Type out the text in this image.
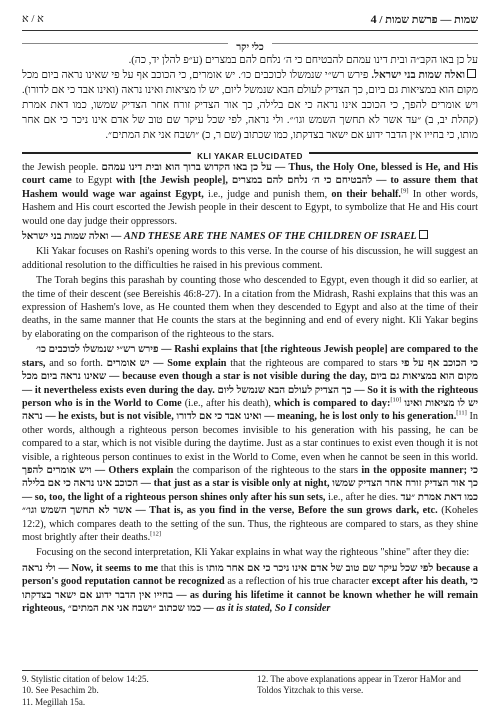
א / א	שמות — פרשת שמות / 4
כלי יקר

על כן באו הקב״ה ובית דינו עמהם להבטיחם כי ה׳ נלחם להם במצרים (ע״פ להלן יד, כה).

ואלה שמות בני ישראל. פירש רש״י שנמשלו לכוכבים כו׳. יש אומרים, כי הכוכב אף על פי שאינו נראה ביום מכל מקום הוא במציאות גם ביום, כך הצדיק לעולם הבא שנמשל ליום, יש לו מציאות ואינו נראה (ואינו אבד כי אם לדורו). ויש אומרים להפך, כי הכוכב אינו נראה כי אם בלילה, כך אור הצדיק זורח אחר הצדיק שמשו, כמו דאת אמרת (קהלת יב, ב) ״עד אשר לא תחשך השמש וגו׳״. ולי נראה, לפי שכל עיקר שם טוב של אדם אינו ניכר כי אם אחר מותו, כי בחייו אין הדבר ידוע אם ישאר בצדקתו, כמו שכתוב (שם ר, כ) ״ושבח אני את המתים״.

KLI YAKAR ELUCIDATED

the Jewish people. על כן באו הקדוש ברוך הוא ובית דינו עמהם — Thus, the Holy One, blessed is He, and His court came to Egypt with [the Jewish people], להבטיחם כי ה׳ נלחם להם במצרים — to assure them that Hashem would wage war against Egypt, i.e., judge and punish them, on their behalf.[9] In other words, Hashem and His court escorted the Jewish people in their descent to Egypt, to symbolize that He and His court would one day judge their oppressors.

ואלה שמות בני ישראל — AND THESE ARE THE NAMES OF THE CHILDREN OF ISRAEL

Kli Yakar focuses on Rashi's opening words to this verse. In the course of his discussion, he will suggest an additional resolution to the difficulties he raised in his previous comment.

The Torah begins this parashah by counting those who descended to Egypt, even though it did so earlier, at the time of their descent (see Bereishis 46:8-27). In a citation from the Midrash, Rashi explains that this was an expression of Hashem's love, as He counted them when they descended to Egypt and also at the time of their deaths, in the same manner that He counts the stars at the beginning and end of every night. Kli Yakar begins by elaborating on the comparison of the righteous to the stars.

פירש רש״י שנמשלו לכוכבים כו׳ — Rashi explains that [the righteous Jewish people] are compared to the stars, and so forth. יש אומרים — Some explain that the righteous are compared to stars כי הכוכב אף על פי שאינו נראה ביום מכל — because even though a star is not visible during the day, מקום הוא במציאות גם ביום — it nevertheless exists even during the day. כך הצדיק לעולם הבא שנמשל ליום — So it is with the righteous person who is in the World to Come (i.e., after his death), which is compared to day:[10] יש לו מציאות ואינו נראה — he exists, but is not visible, ואינו אבד כי אם לדורו — meaning, he is lost only to his generation.[11] In other words, although a righteous person becomes invisible to his generation with his passing, he can be compared to a star, which is not visible during the daytime. Just as a star continues to exist even though it is not visible, a righteous person continues to exist in the World to Come, even when he cannot be seen in this world. ויש אומרים להפך — Others explain the comparison of the righteous to the stars in the opposite manner; כי הכוכב אינו נראה כי אם בלילה — that just as a star is visible only at night, כך אור הצדיק זורח אחר הצדיק שמשו — so, too, the light of a righteous person shines only after his sun sets, i.e., after he dies. כמו דאת אמרת ״עד אשר לא תחשך השמש וגו׳״ — That is, as you find in the verse, Before the sun grows dark, etc. (Koheles 12:2), which compares death to the setting of the sun. Thus, the righteous are compared to stars, as they shine most brightly after their deaths.[12]

Focusing on the second interpretation, Kli Yakar explains in what way the righteous "shine" after they die:

ולי נראה — Now, it seems to me that this is לפי שכל עיקר שם טוב של אדם אינו ניכר כי אם אחר מותו because a person's good reputation cannot be recognized as a reflection of his true character except after his death, כי בחייו אין הדבר ידוע אם ישאר בצדקתו — as during his lifetime it cannot be known whether he will remain righteous, כמו שכתוב ״ושבח אני את המתים״ — as it is stated, So I consider

9. Stylistic citation of below 14:25.

10. See Pesachim 2b.

11. Megillah 15a.

12. The above explanations appear in Tzeror HaMor and Toldos Yitzchak to this verse.
